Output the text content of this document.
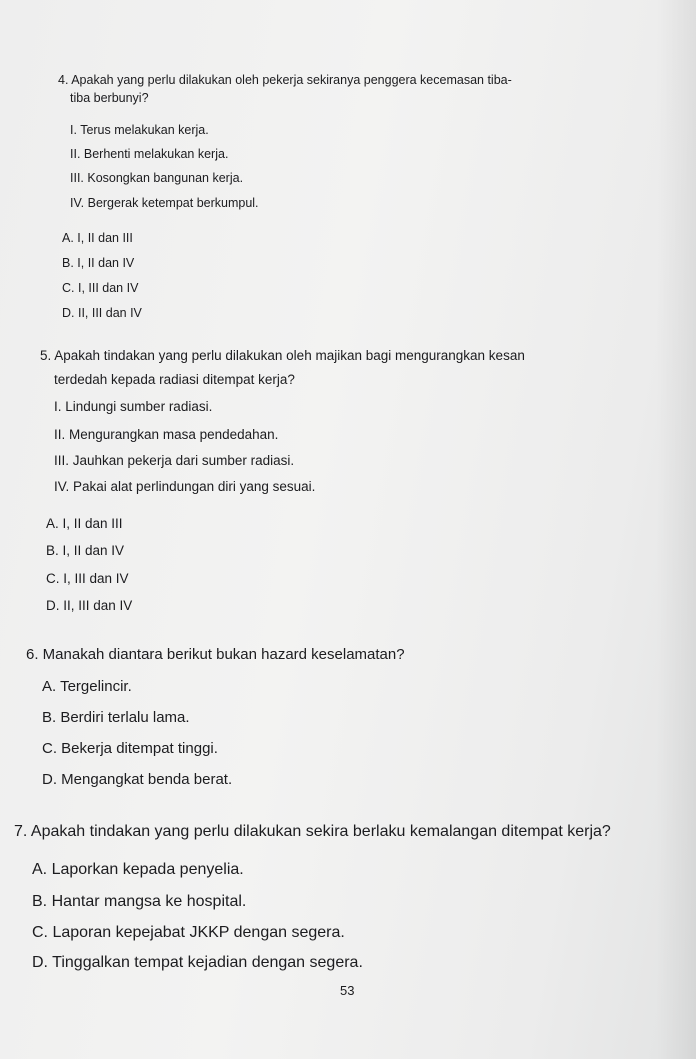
4. Apakah yang perlu dilakukan oleh pekerja sekiranya penggera kecemasan tiba-
tiba berbunyi?
I. Terus melakukan kerja.
II. Berhenti melakukan kerja.
III. Kosongkan bangunan kerja.
IV. Bergerak ketempat berkumpul.
A. I, II dan III
B. I, II dan IV
C. I, III dan IV
D. II, III dan IV
5. Apakah tindakan yang perlu dilakukan oleh majikan bagi mengurangkan kesan
terdedah kepada radiasi ditempat kerja?
I. Lindungi sumber radiasi.
II. Mengurangkan masa pendedahan.
III. Jauhkan pekerja dari sumber radiasi.
IV. Pakai alat perlindungan diri yang sesuai.
A. I, II dan III
B. I, II dan IV
C. I, III dan IV
D. II, III dan IV
6. Manakah diantara berikut bukan hazard keselamatan?
A. Tergelincir.
B. Berdiri terlalu lama.
C. Bekerja ditempat tinggi.
D. Mengangkat benda berat.
7. Apakah tindakan yang perlu dilakukan sekira berlaku kemalangan ditempat kerja?
A. Laporkan kepada penyelia.
B. Hantar mangsa ke hospital.
C. Laporan kepejabat JKKP dengan segera.
D. Tinggalkan tempat kejadian dengan segera.
53
